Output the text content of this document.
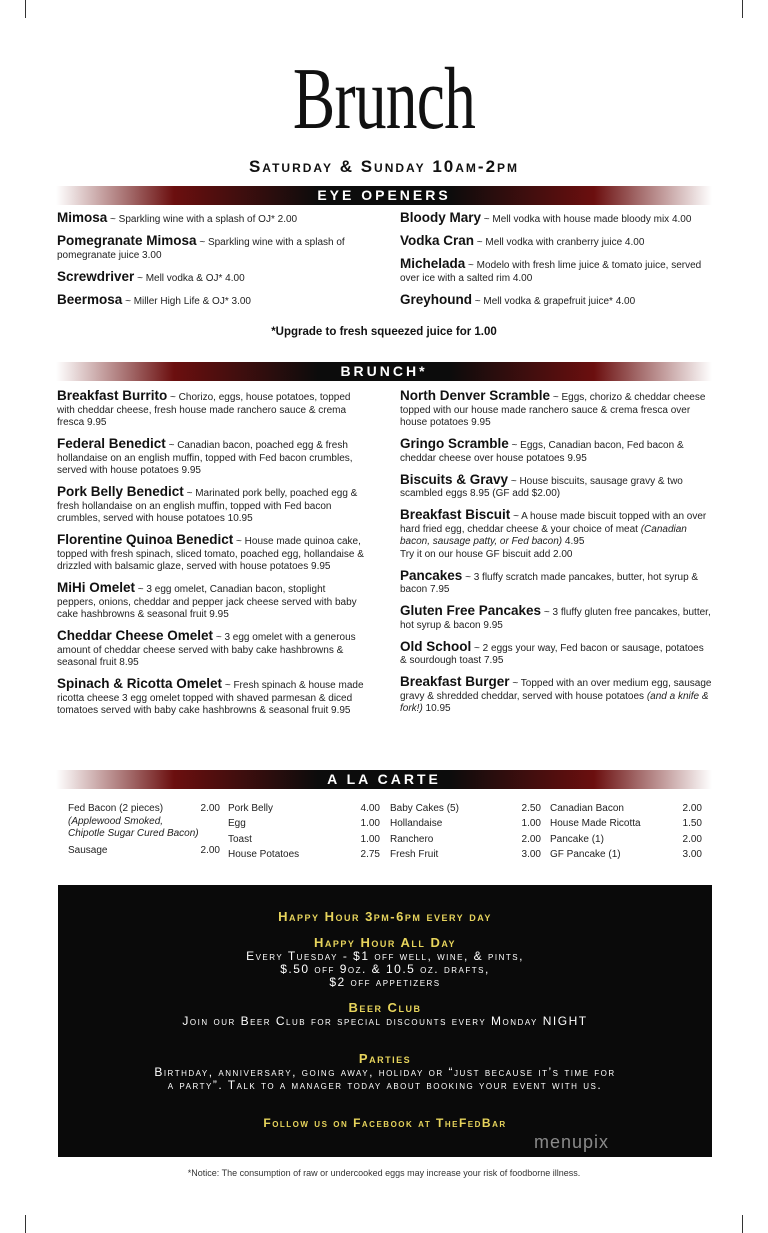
Brunch
Saturday & Sunday 10am-2pm
EYE OPENERS
Mimosa ~ Sparkling wine with a splash of OJ* 2.00
Pomegranate Mimosa ~ Sparkling wine with a splash of pomegranate juice 3.00
Screwdriver ~ Mell vodka & OJ* 4.00
Beermosa ~ Miller High Life & OJ* 3.00
Bloody Mary ~ Mell vodka with house made bloody mix 4.00
Vodka Cran ~ Mell vodka with cranberry juice 4.00
Michelada ~ Modelo with fresh lime juice & tomato juice, served over ice with a salted rim 4.00
Greyhound ~ Mell vodka & grapefruit juice* 4.00
*Upgrade to fresh squeezed juice for 1.00
BRUNCH*
Breakfast Burrito ~ Chorizo, eggs, house potatoes, topped with cheddar cheese, fresh house made ranchero sauce & crema fresca 9.95
Federal Benedict ~ Canadian bacon, poached egg & fresh hollandaise on an english muffin, topped with Fed bacon crumbles, served with house potatoes 9.95
Pork Belly Benedict ~ Marinated pork belly, poached egg & fresh hollandaise on an english muffin, topped with Fed bacon crumbles, served with house potatoes 10.95
Florentine Quinoa Benedict ~ House made quinoa cake, topped with fresh spinach, sliced tomato, poached egg, hollandaise & drizzled with balsamic glaze, served with house potatoes 9.95
MiHi Omelet ~ 3 egg omelet, Canadian bacon, stoplight peppers, onions, cheddar and pepper jack cheese served with baby cake hashbrowns & seasonal fruit 9.95
Cheddar Cheese Omelet ~ 3 egg omelet with a generous amount of cheddar cheese served with baby cake hashbrowns & seasonal fruit 8.95
Spinach & Ricotta Omelet ~ Fresh spinach & house made ricotta cheese 3 egg omelet topped with shaved parmesan & diced tomatoes served with baby cake hashbrowns & seasonal fruit 9.95
North Denver Scramble ~ Eggs, chorizo & cheddar cheese topped with our house made ranchero sauce & crema fresca over house potatoes 9.95
Gringo Scramble ~ Eggs, Canadian bacon, Fed bacon & cheddar cheese over house potatoes 9.95
Biscuits & Gravy ~ House biscuits, sausage gravy & two scambled eggs 8.95 (GF add $2.00)
Breakfast Biscuit ~ A house made biscuit topped with an over hard fried egg, cheddar cheese & your choice of meat (Canadian bacon, sausage patty, or Fed bacon) 4.95
Try it on our house GF biscuit add 2.00
Pancakes ~ 3 fluffy scratch made pancakes, butter, hot syrup & bacon 7.95
Gluten Free Pancakes ~ 3 fluffy gluten free pancakes, butter, hot syrup & bacon 9.95
Old School ~ 2 eggs your way, Fed bacon or sausage, potatoes & sourdough toast 7.95
Breakfast Burger ~ Topped with an over medium egg, sausage gravy & shredded cheddar, served with house potatoes (and a knife & fork!) 10.95
A LA CARTE
Fed Bacon (2 pieces)	2.00
(Applewood Smoked,
Chipotle Sugar Cured Bacon)
Sausage	2.00
Pork Belly	4.00
Egg	1.00
Toast	1.00
House Potatoes	2.75
Baby Cakes (5)	2.50
Hollandaise	1.00
Ranchero	2.00
Fresh Fruit	3.00
Canadian Bacon	2.00
House Made Ricotta	1.50
Pancake (1)	2.00
GF Pancake (1)	3.00
Happy Hour 3pm-6pm every day
Happy Hour All Day
Every Tuesday - $1 off well, wine, & pints,
$.50 off 9oz. & 10.5 oz. drafts,
$2 off appetizers
Beer Club
Join our Beer Club for special discounts every Monday NIGHT
Parties
Birthday, anniversary, going away, holiday or “just because it’s time for
a party”. Talk to a manager today about booking your event with us.
Follow us on Facebook at TheFedBar
menupix
*Notice: The consumption of raw or undercooked eggs may increase your risk of foodborne illness.
